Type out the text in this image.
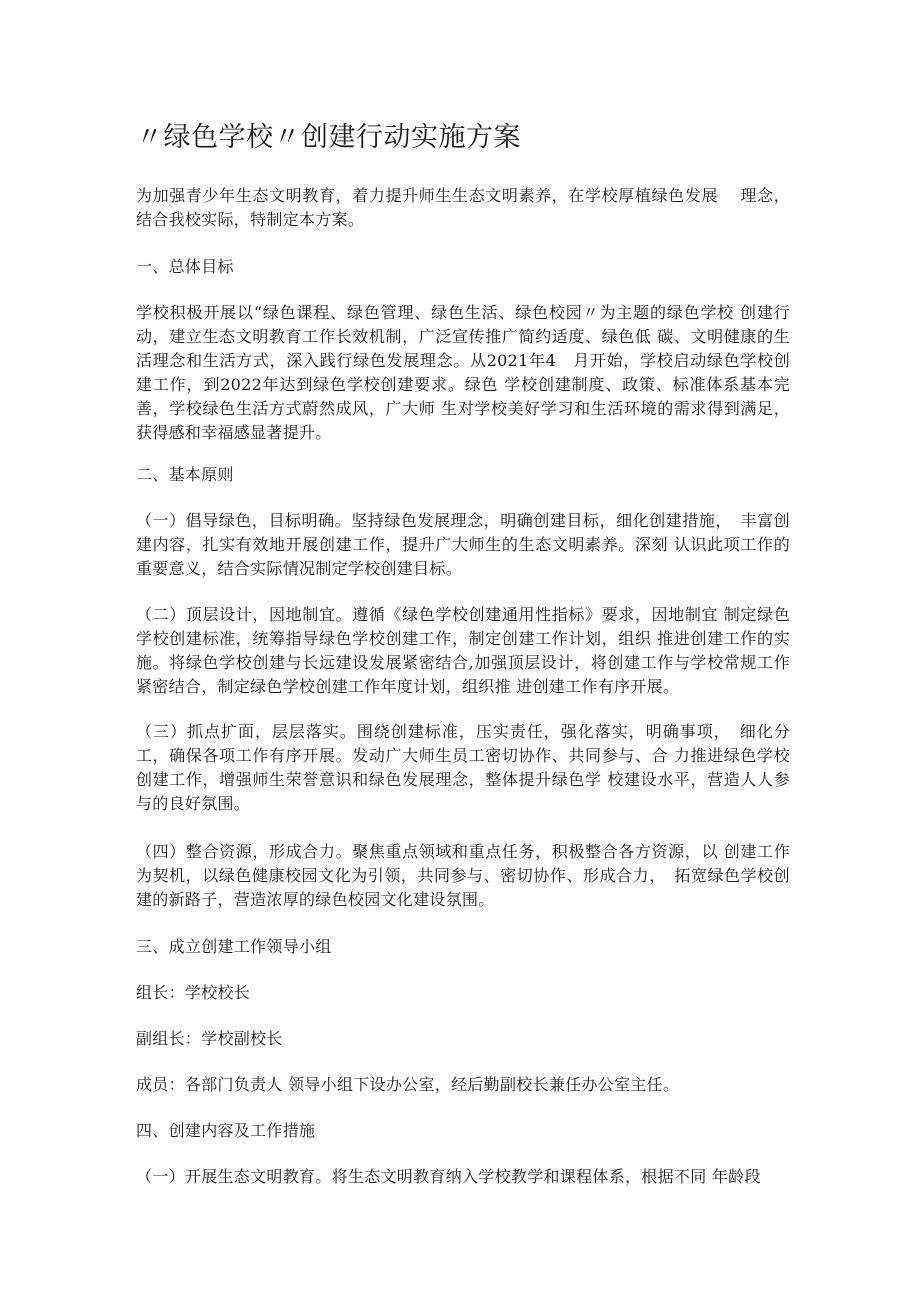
〃绿色学校〃创建行动实施方案

为加强青少年生态文明教育，着力提升师生生态文明素养，在学校厚植绿色发展　 理念，结合我校实际，特制定本方案。

一、总体目标

学校积极开展以“绿色课程、绿色管理、绿色生活、绿色校园〃为主题的绿色学校 创建行动，建立生态文明教育工作长效机制，广泛宣传推广简约适度、绿色低 碳、文明健康的生活理念和生活方式，深入践行绿色发展理念。从2021年4　月开始，学校启动绿色学校创建工作，到2022年达到绿色学校创建要求。绿色 学校创建制度、政策、标准体系基本完善，学校绿色生活方式蔚然成风，广大师 生对学校美好学习和生活环境的需求得到满足，获得感和幸福感显著提升。

二、基本原则

（一）倡导绿色，目标明确。坚持绿色发展理念，明确创建目标，细化创建措施，　丰富创建内容，扎实有效地开展创建工作，提升广大师生的生态文明素养。深刻 认识此项工作的重要意义，结合实际情况制定学校创建目标。

（二）顶层设计，因地制宜。遵循《绿色学校创建通用性指标》要求，因地制宜 制定绿色学校创建标准，统筹指导绿色学校创建工作，制定创建工作计划，组织 推进创建工作的实施。将绿色学校创建与长远建设发展紧密结合,加强顶层设计，将创建工作与学校常规工作紧密结合，制定绿色学校创建工作年度计划，组织推 进创建工作有序开展。

（三）抓点扩面，层层落实。围绕创建标准，压实责任，强化落实，明确事项，　细化分工，确保各项工作有序开展。发动广大师生员工密切协作、共同参与、合 力推进绿色学校创建工作，增强师生荣誉意识和绿色发展理念，整体提升绿色学 校建设水平，营造人人参与的良好氛围。

（四）整合资源，形成合力。聚焦重点领域和重点任务，积极整合各方资源，以 创建工作为契机，以绿色健康校园文化为引领，共同参与、密切协作、形成合力，　拓宽绿色学校创建的新路子，营造浓厚的绿色校园文化建设氛围。

三、成立创建工作领导小组

组长：学校校长

副组长：学校副校长

成员：各部门负责人 领导小组下设办公室，经后勤副校长兼任办公室主任。

四、创建内容及工作措施

（一）开展生态文明教育。将生态文明教育纳入学校教学和课程体系，根据不同 年龄段
